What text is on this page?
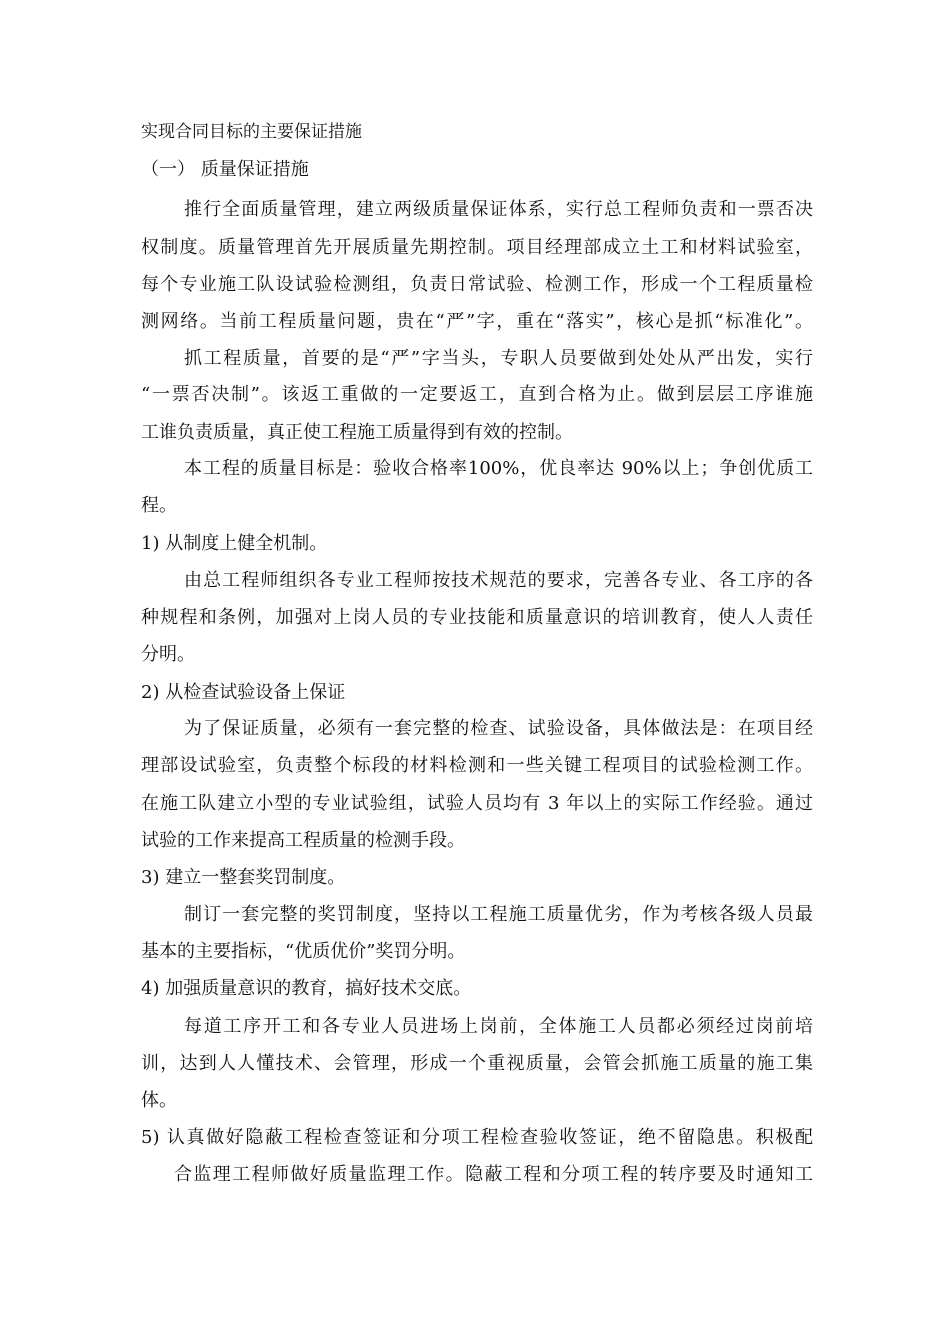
实现合同目标的主要保证措施
（一） 质量保证措施
推行全面质量管理，建立两级质量保证体系，实行总工程师负责和一票否决
权制度。质量管理首先开展质量先期控制。项目经理部成立土工和材料试验室，
每个专业施工队设试验检测组，负责日常试验、检测工作，形成一个工程质量检
测网络。当前工程质量问题，贵在“严”字，重在“落实”，核心是抓“标准化”。
抓工程质量，首要的是“严”字当头，专职人员要做到处处从严出发，实行
“一票否决制”。该返工重做的一定要返工，直到合格为止。做到层层工序谁施
工谁负责质量，真正使工程施工质量得到有效的控制。
本工程的质量目标是：验收合格率100%，优良率达 90%以上；争创优质工
程。
1) 从制度上健全机制。
由总工程师组织各专业工程师按技术规范的要求，完善各专业、各工序的各
种规程和条例，加强对上岗人员的专业技能和质量意识的培训教育，使人人责任
分明。
2) 从检查试验设备上保证
为了保证质量，必须有一套完整的检查、试验设备，具体做法是：在项目经
理部设试验室，负责整个标段的材料检测和一些关键工程项目的试验检测工作。
在施工队建立小型的专业试验组，试验人员均有 3 年以上的实际工作经验。通过
试验的工作来提高工程质量的检测手段。
3) 建立一整套奖罚制度。
制订一套完整的奖罚制度，坚持以工程施工质量优劣，作为考核各级人员最
基本的主要指标，“优质优价”奖罚分明。
4) 加强质量意识的教育，搞好技术交底。
每道工序开工和各专业人员进场上岗前，全体施工人员都必须经过岗前培
训，达到人人懂技术、会管理，形成一个重视质量，会管会抓施工质量的施工集
体。
5) 认真做好隐蔽工程检查签证和分项工程检查验收签证，绝不留隐患。积极配
合监理工程师做好质量监理工作。隐蔽工程和分项工程的转序要及时通知工
